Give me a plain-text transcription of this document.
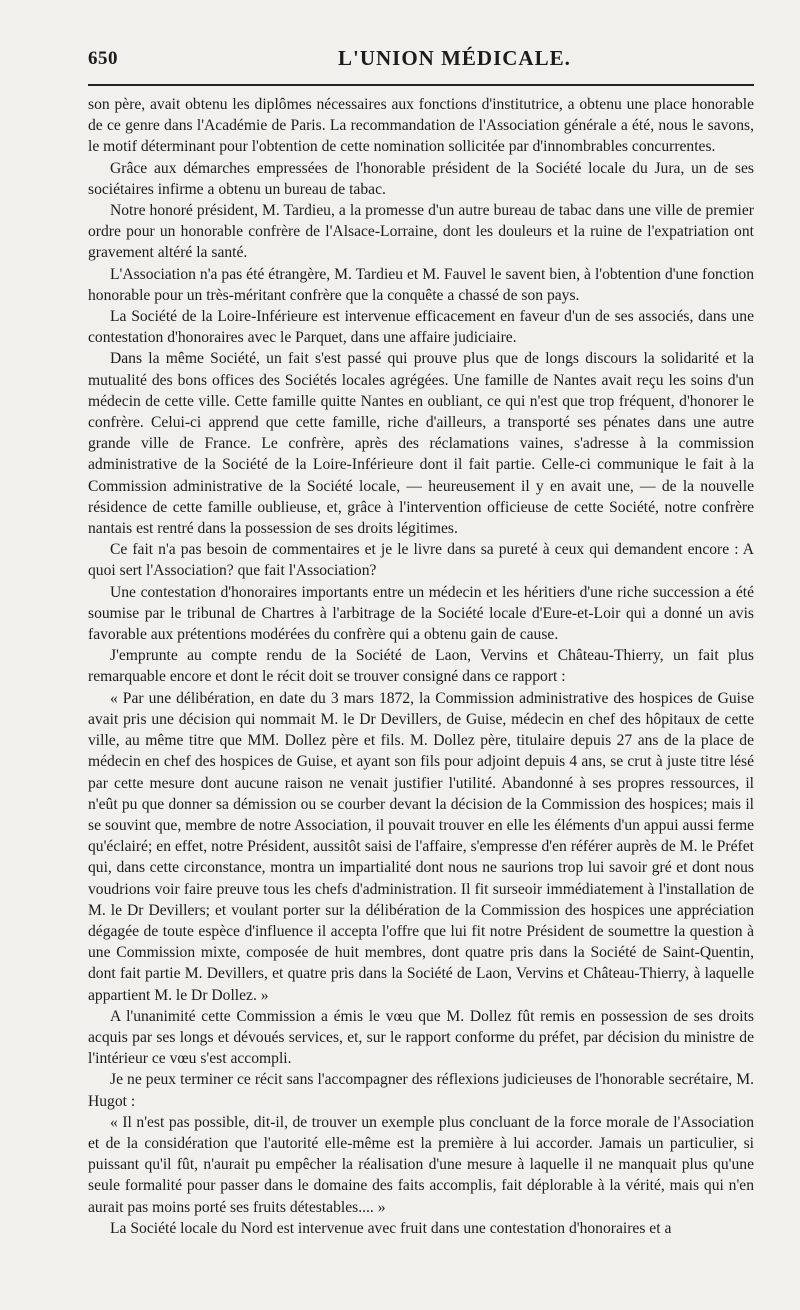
650	L'UNION MÉDICALE.

son père, avait obtenu les diplômes nécessaires aux fonctions d'institutrice, a obtenu une place honorable de ce genre dans l'Académie de Paris. La recommandation de l'Association générale a été, nous le savons, le motif déterminant pour l'obtention de cette nomination sollicitée par d'innombrables concurrentes.

Grâce aux démarches empressées de l'honorable président de la Société locale du Jura, un de ses sociétaires infirme a obtenu un bureau de tabac.

Notre honoré président, M. Tardieu, a la promesse d'un autre bureau de tabac dans une ville de premier ordre pour un honorable confrère de l'Alsace-Lorraine, dont les douleurs et la ruine de l'expatriation ont gravement altéré la santé.

L'Association n'a pas été étrangère, M. Tardieu et M. Fauvel le savent bien, à l'obtention d'une fonction honorable pour un très-méritant confrère que la conquête a chassé de son pays.

La Société de la Loire-Inférieure est intervenue efficacement en faveur d'un de ses associés, dans une contestation d'honoraires avec le Parquet, dans une affaire judiciaire.

Dans la même Société, un fait s'est passé qui prouve plus que de longs discours la solidarité et la mutualité des bons offices des Sociétés locales agrégées. Une famille de Nantes avait reçu les soins d'un médecin de cette ville. Cette famille quitte Nantes en oubliant, ce qui n'est que trop fréquent, d'honorer le confrère. Celui-ci apprend que cette famille, riche d'ailleurs, a transporté ses pénates dans une autre grande ville de France. Le confrère, après des réclamations vaines, s'adresse à la commission administrative de la Société de la Loire-Inférieure dont il fait partie. Celle-ci communique le fait à la Commission administrative de la Société locale, — heureusement il y en avait une, — de la nouvelle résidence de cette famille oublieuse, et, grâce à l'intervention officieuse de cette Société, notre confrère nantais est rentré dans la possession de ses droits légitimes.

Ce fait n'a pas besoin de commentaires et je le livre dans sa pureté à ceux qui demandent encore : A quoi sert l'Association? que fait l'Association?

Une contestation d'honoraires importants entre un médecin et les héritiers d'une riche succession a été soumise par le tribunal de Chartres à l'arbitrage de la Société locale d'Eure-et-Loir qui a donné un avis favorable aux prétentions modérées du confrère qui a obtenu gain de cause.

J'emprunte au compte rendu de la Société de Laon, Vervins et Château-Thierry, un fait plus remarquable encore et dont le récit doit se trouver consigné dans ce rapport :

« Par une délibération, en date du 3 mars 1872, la Commission administrative des hospices de Guise avait pris une décision qui nommait M. le Dr Devillers, de Guise, médecin en chef des hôpitaux de cette ville, au même titre que MM. Dollez père et fils. M. Dollez père, titulaire depuis 27 ans de la place de médecin en chef des hospices de Guise, et ayant son fils pour adjoint depuis 4 ans, se crut à juste titre lésé par cette mesure dont aucune raison ne venait justifier l'utilité. Abandonné à ses propres ressources, il n'eût pu que donner sa démission ou se courber devant la décision de la Commission des hospices; mais il se souvint que, membre de notre Association, il pouvait trouver en elle les éléments d'un appui aussi ferme qu'éclairé; en effet, notre Président, aussitôt saisi de l'affaire, s'empresse d'en référer auprès de M. le Préfet qui, dans cette circonstance, montra un impartialité dont nous ne saurions trop lui savoir gré et dont nous voudrions voir faire preuve tous les chefs d'administration. Il fit surseoir immédiatement à l'installation de M. le Dr Devillers; et voulant porter sur la délibération de la Commission des hospices une appréciation dégagée de toute espèce d'influence il accepta l'offre que lui fit notre Président de soumettre la question à une Commission mixte, composée de huit membres, dont quatre pris dans la Société de Saint-Quentin, dont fait partie M. Devillers, et quatre pris dans la Société de Laon, Vervins et Château-Thierry, à laquelle appartient M. le Dr Dollez. »

A l'unanimité cette Commission a émis le vœu que M. Dollez fût remis en possession de ses droits acquis par ses longs et dévoués services, et, sur le rapport conforme du préfet, par décision du ministre de l'intérieur ce vœu s'est accompli.

Je ne peux terminer ce récit sans l'accompagner des réflexions judicieuses de l'honorable secrétaire, M. Hugot :

« Il n'est pas possible, dit-il, de trouver un exemple plus concluant de la force morale de l'Association et de la considération que l'autorité elle-même est la première à lui accorder. Jamais un particulier, si puissant qu'il fût, n'aurait pu empêcher la réalisation d'une mesure à laquelle il ne manquait plus qu'une seule formalité pour passer dans le domaine des faits accomplis, fait déplorable à la vérité, mais qui n'en aurait pas moins porté ses fruits détestables.... »

La Société locale du Nord est intervenue avec fruit dans une contestation d'honoraires et a
